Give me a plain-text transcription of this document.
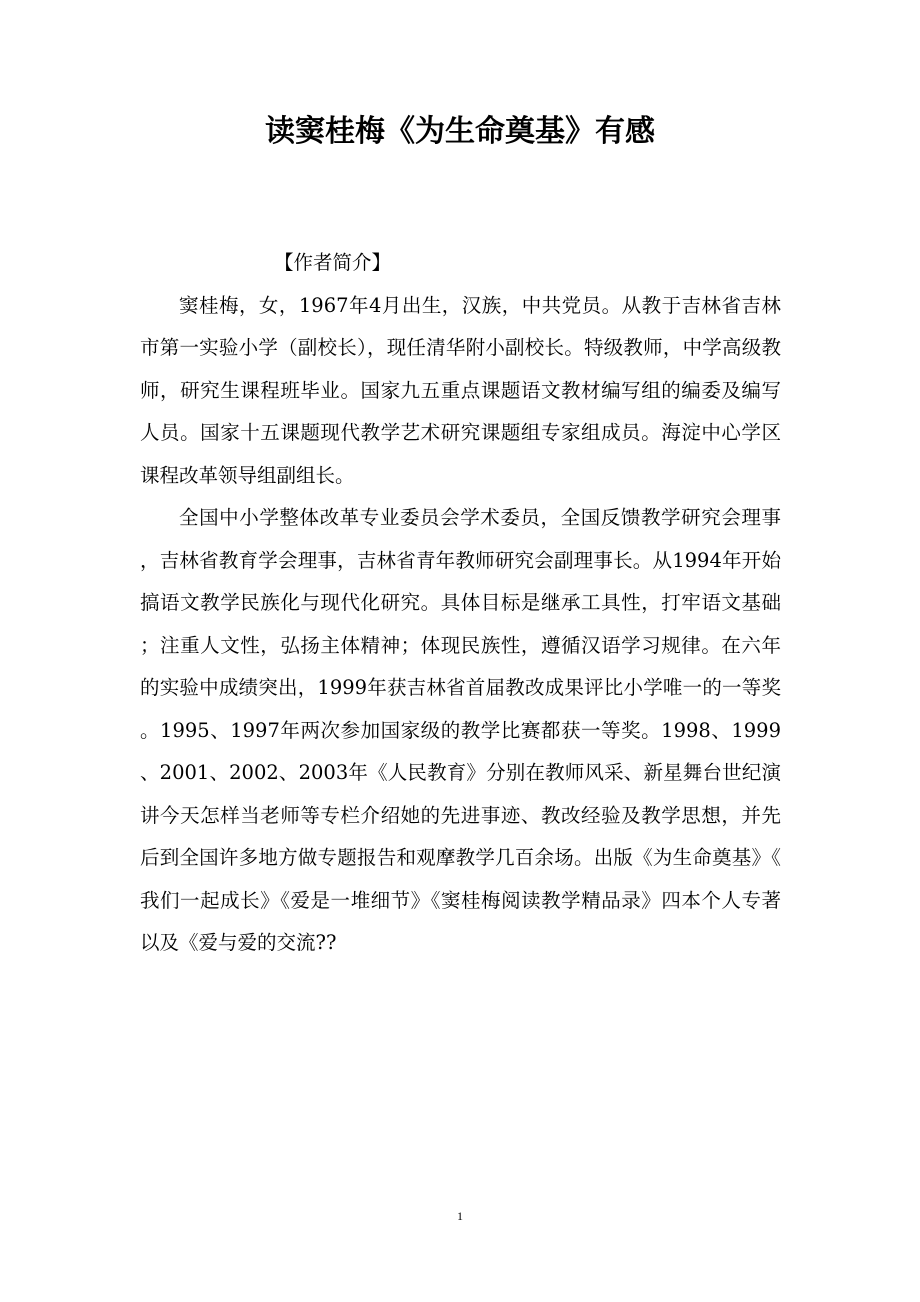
读窦桂梅《为生命奠基》有感

【作者简介】

窦桂梅，女，1967年4月出生，汉族，中共党员。从教于吉林省吉林市第一实验小学（副校长），现任清华附小副校长。特级教师，中学高级教师，研究生课程班毕业。国家九五重点课题语文教材编写组的编委及编写人员。国家十五课题现代教学艺术研究课题组专家组成员。海淀中心学区课程改革领导组副组长。

全国中小学整体改革专业委员会学术委员，全国反馈教学研究会理事，吉林省教育学会理事，吉林省青年教师研究会副理事长。从1994年开始搞语文教学民族化与现代化研究。具体目标是继承工具性，打牢语文基础；注重人文性，弘扬主体精神；体现民族性，遵循汉语学习规律。在六年的实验中成绩突出，1999年获吉林省首届教改成果评比小学唯一的一等奖。1995、1997年两次参加国家级的教学比赛都获一等奖。1998、1999、2001、2002、2003年《人民教育》分别在教师风采、新星舞台世纪演讲今天怎样当老师等专栏介绍她的先进事迹、教改经验及教学思想，并先后到全国许多地方做专题报告和观摩教学几百余场。出版《为生命奠基》《我们一起成长》《爱是一堆细节》《窦桂梅阅读教学精品录》四本个人专著以及《爱与爱的交流??

1
